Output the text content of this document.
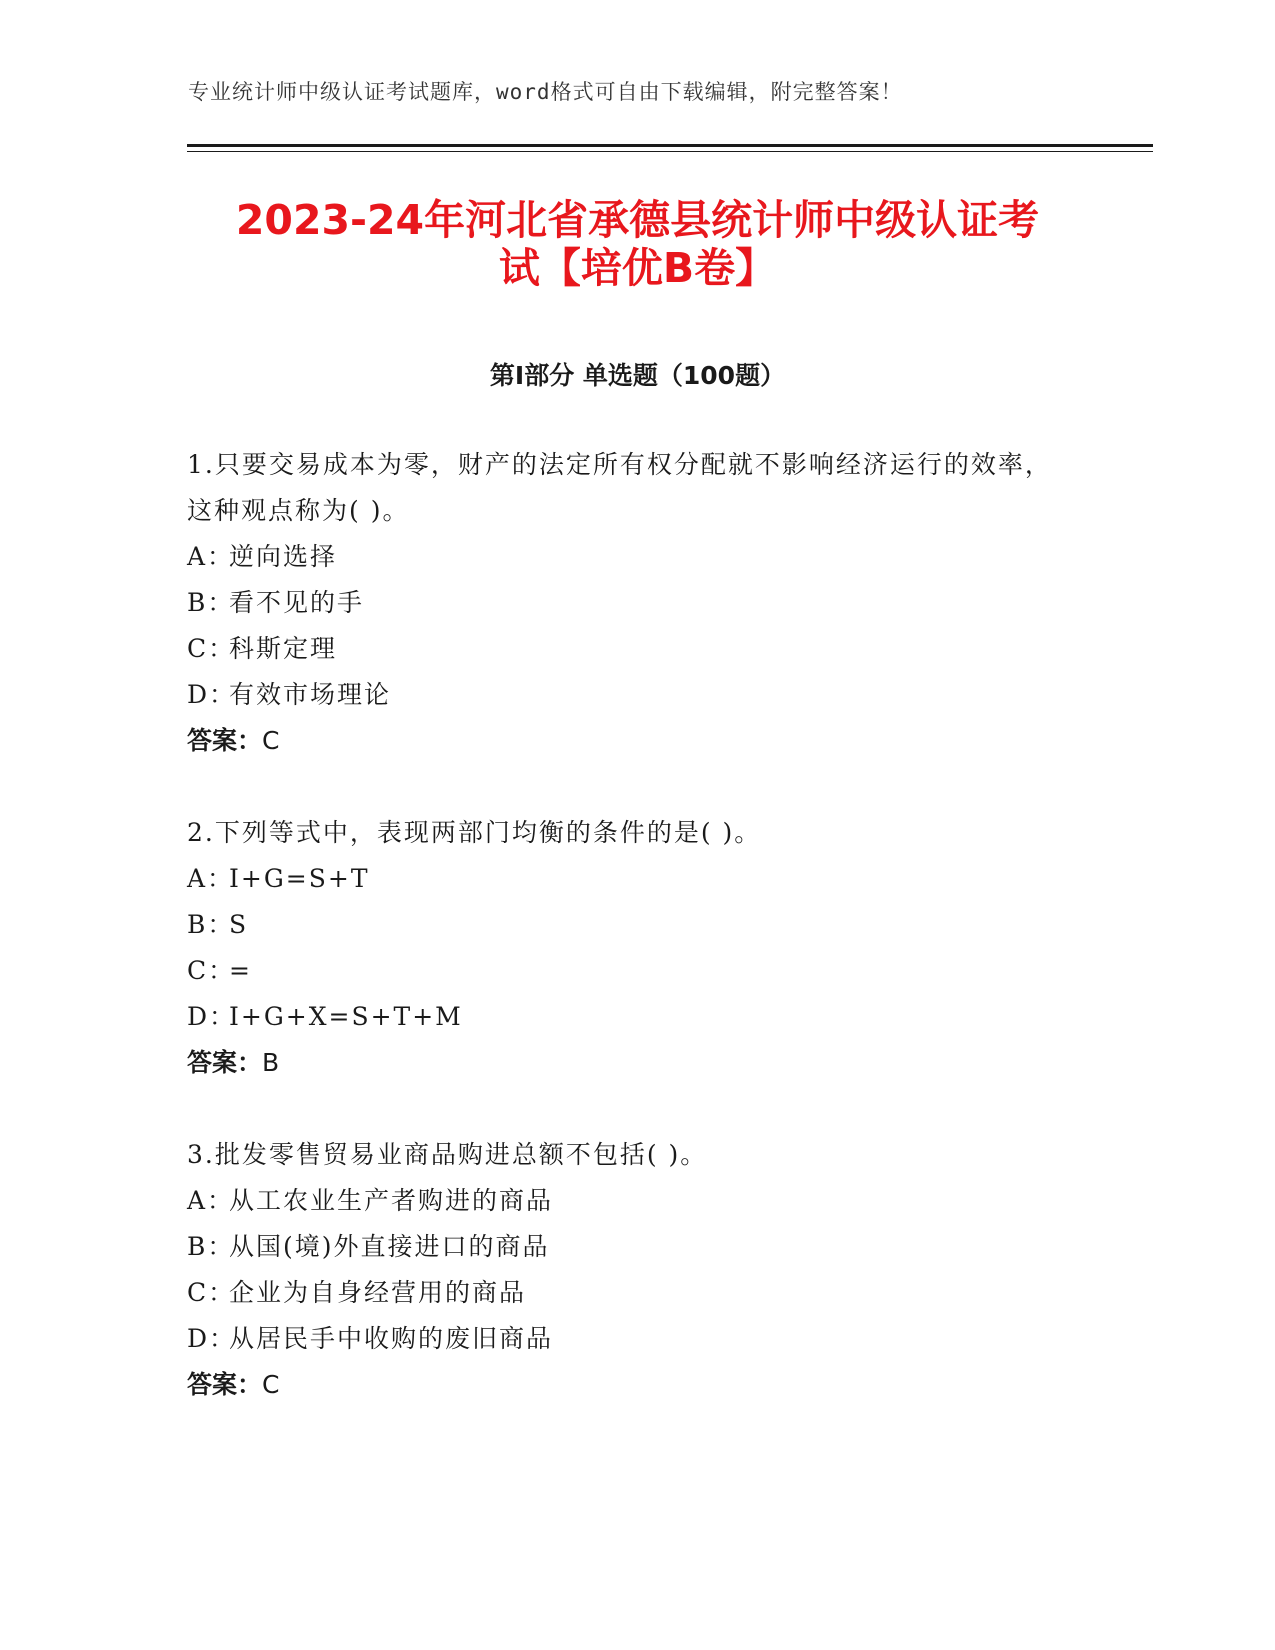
专业统计师中级认证考试题库，word格式可自由下载编辑，附完整答案！
2023-24年河北省承德县统计师中级认证考
试【培优B卷】
第Ⅰ部分 单选题（100题）
1.只要交易成本为零，财产的法定所有权分配就不影响经济运行的效率，这种观点称为( )。
A：逆向选择
B：看不见的手
C：科斯定理
D：有效市场理论
答案：C
2.下列等式中，表现两部门均衡的条件的是( )。
A：I+G=S+T
B：S
C：=
D：I+G+X=S+T+M
答案：B
3.批发零售贸易业商品购进总额不包括( )。
A：从工农业生产者购进的商品
B：从国(境)外直接进口的商品
C：企业为自身经营用的商品
D：从居民手中收购的废旧商品
答案：C
